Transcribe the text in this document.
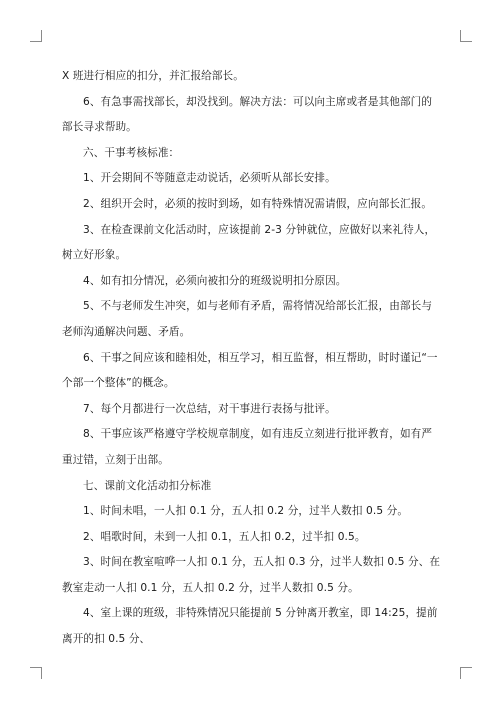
X 班进行相应的扣分，并汇报给部长。

6、有急事需找部长，却没找到。解决方法：可以向主席或者是其他部门的部长寻求帮助。

六、干事考核标准：

1、开会期间不等随意走动说话，必须听从部长安排。

2、组织开会时，必须的按时到场，如有特殊情况需请假，应向部长汇报。

3、在检查课前文化活动时，应该提前 2-3 分钟就位，应做好以来礼待人，树立好形象。

4、如有扣分情况，必须向被扣分的班级说明扣分原因。

5、不与老师发生冲突，如与老师有矛盾，需将情况给部长汇报，由部长与老师沟通解决问题、矛盾。

6、干事之间应该和睦相处，相互学习，相互监督，相互帮助，时时谨记“一个部一个整体”的概念。

7、每个月都进行一次总结，对干事进行表扬与批评。

8、干事应该严格遵守学校规章制度，如有违反立刻进行批评教育，如有严重过错，立刻于出部。

七、课前文化活动扣分标准

1、时间未唱，一人扣 0.1 分，五人扣 0.2 分，过半人数扣 0.5 分。

2、唱歌时间，未到一人扣 0.1，五人扣 0.2，过半扣 0.5。

3、时间在教室喧哗一人扣 0.1 分，五人扣 0.3 分，过半人数扣 0.5 分、在教室走动一人扣 0.1 分，五人扣 0.2 分，过半人数扣 0.5 分。

4、室上课的班级，非特殊情况只能提前 5 分钟离开教室，即 14:25，提前离开的扣 0.5 分、
